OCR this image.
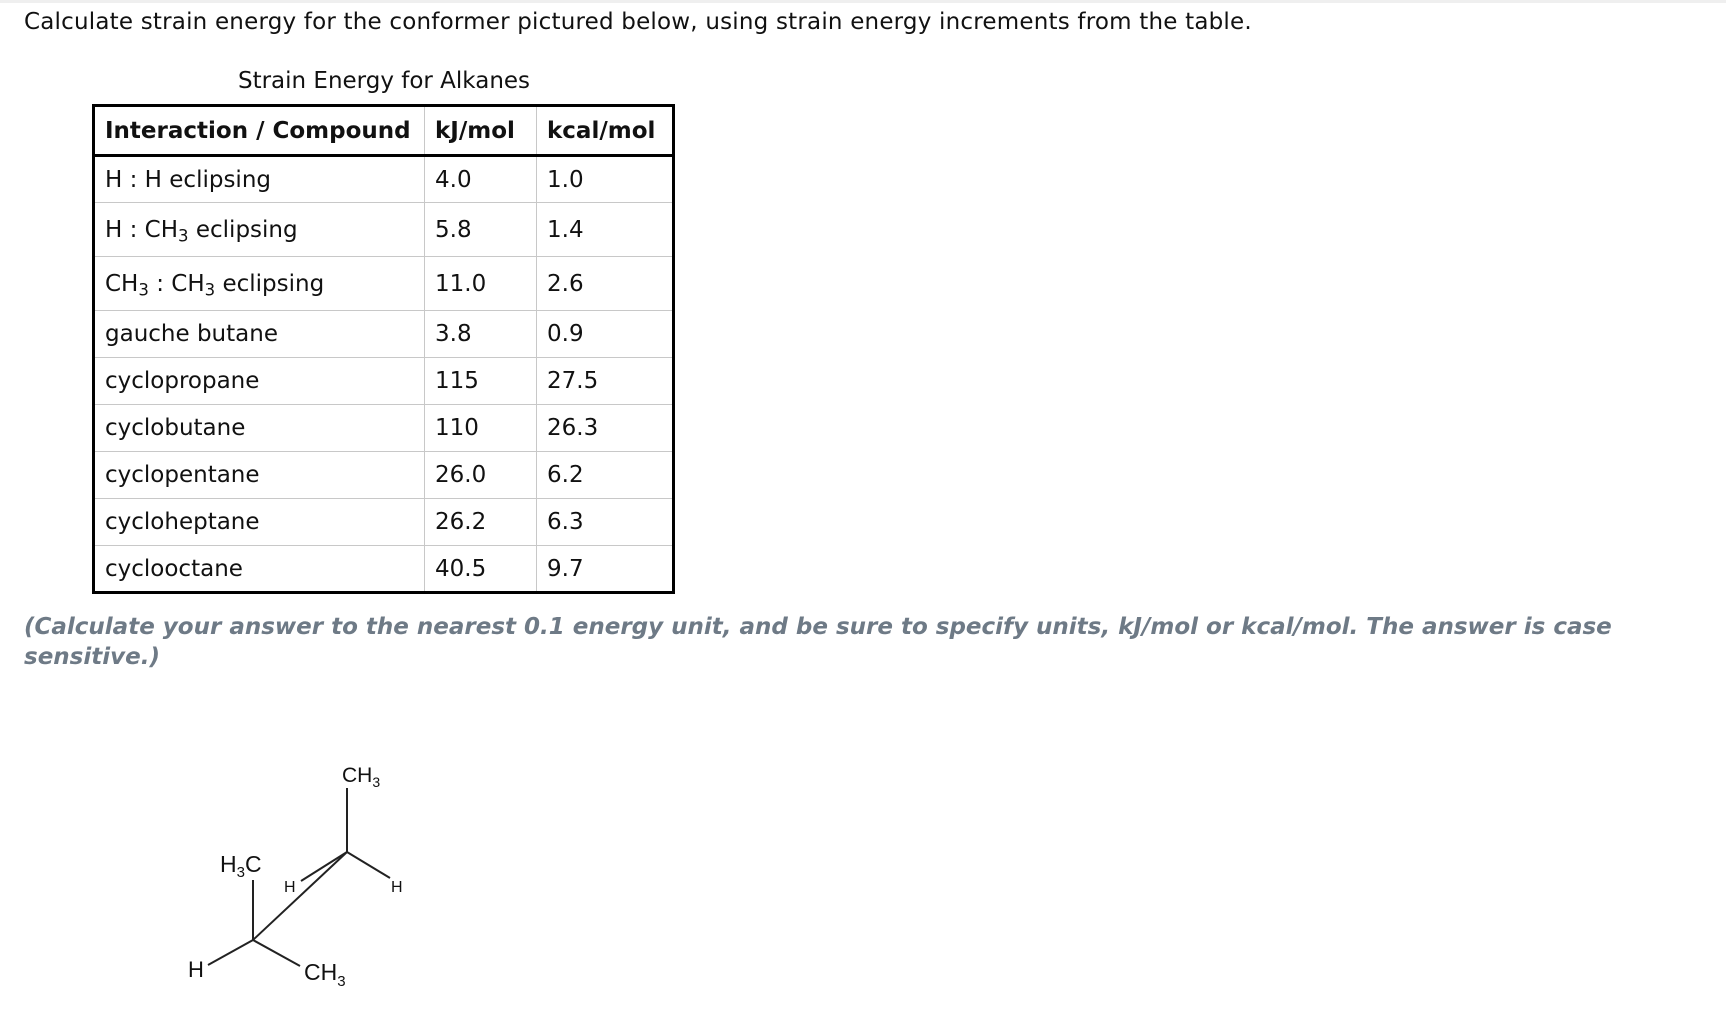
Calculate strain energy for the conformer pictured below, using strain energy increments from the table.
Strain Energy for Alkanes
Interaction / Compound	kJ/mol	kcal/mol
H : H eclipsing	4.0	1.0
H : $CH_3$ eclipsing	5.8	1.4
$CH_3$ : $CH_3$ eclipsing	11.0	2.6
gauche butane	3.8	0.9
cyclopropane	115	27.5
cyclobutane	110	26.3
cyclopentane	26.0	6.2
cycloheptane	26.2	6.3
cyclooctane	40.5	9.7
(Calculate your answer to the nearest 0.1 energy unit, and be sure to specify units, kJ/mol or kcal/mol. The answer is case sensitive.)
$CH_3$
$H_3C$
H	H
H	$CH_3$
